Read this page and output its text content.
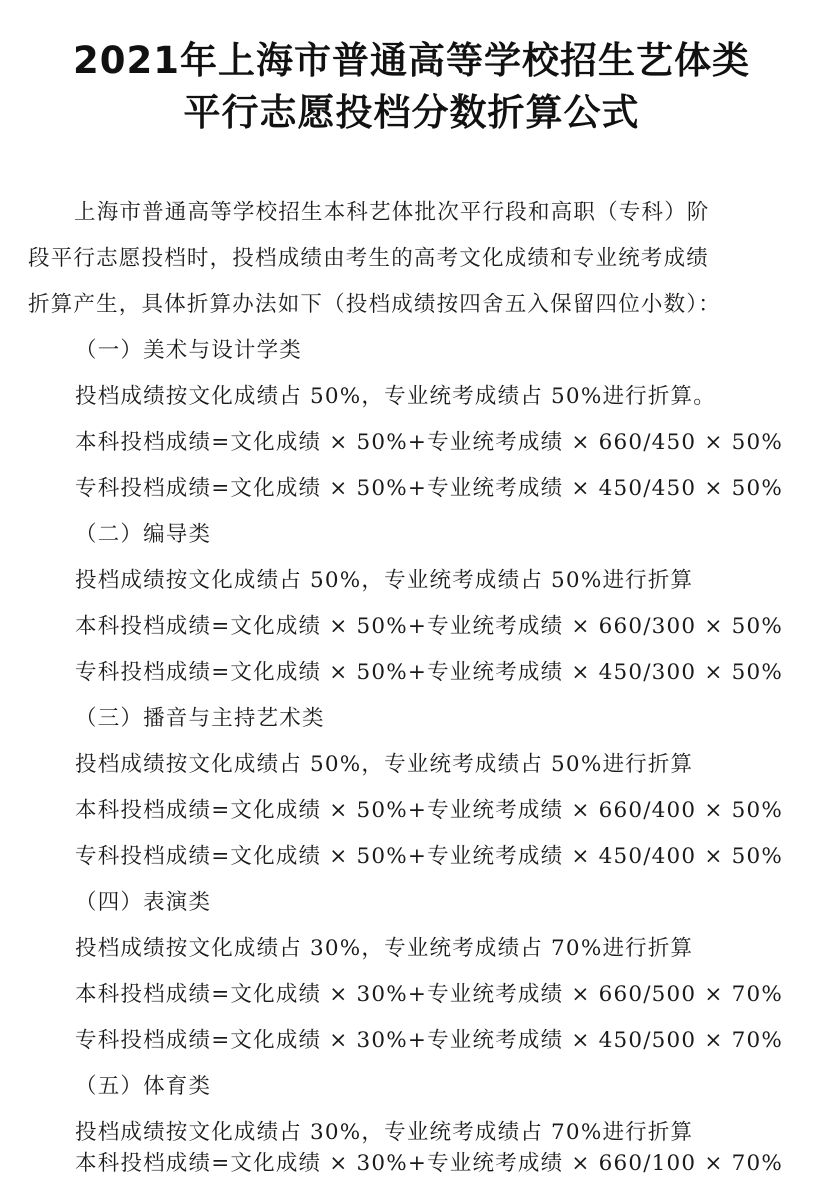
2021年上海市普通高等学校招生艺体类
平行志愿投档分数折算公式
上海市普通高等学校招生本科艺体批次平行段和高职（专科）阶
段平行志愿投档时，投档成绩由考生的高考文化成绩和专业统考成绩
折算产生，具体折算办法如下（投档成绩按四舍五入保留四位小数）：
（一）美术与设计学类
投档成绩按文化成绩占 50%，专业统考成绩占 50%进行折算。
本科投档成绩=文化成绩 × 50%+专业统考成绩 × 660/450 × 50%
专科投档成绩=文化成绩 × 50%+专业统考成绩 × 450/450 × 50%
（二）编导类
投档成绩按文化成绩占 50%，专业统考成绩占 50%进行折算
本科投档成绩=文化成绩 × 50%+专业统考成绩 × 660/300 × 50%
专科投档成绩=文化成绩 × 50%+专业统考成绩 × 450/300 × 50%
（三）播音与主持艺术类
投档成绩按文化成绩占 50%，专业统考成绩占 50%进行折算
本科投档成绩=文化成绩 × 50%+专业统考成绩 × 660/400 × 50%
专科投档成绩=文化成绩 × 50%+专业统考成绩 × 450/400 × 50%
（四）表演类
投档成绩按文化成绩占 30%，专业统考成绩占 70%进行折算
本科投档成绩=文化成绩 × 30%+专业统考成绩 × 660/500 × 70%
专科投档成绩=文化成绩 × 30%+专业统考成绩 × 450/500 × 70%
（五）体育类
投档成绩按文化成绩占 30%，专业统考成绩占 70%进行折算
本科投档成绩=文化成绩 × 30%+专业统考成绩 × 660/100 × 70%
